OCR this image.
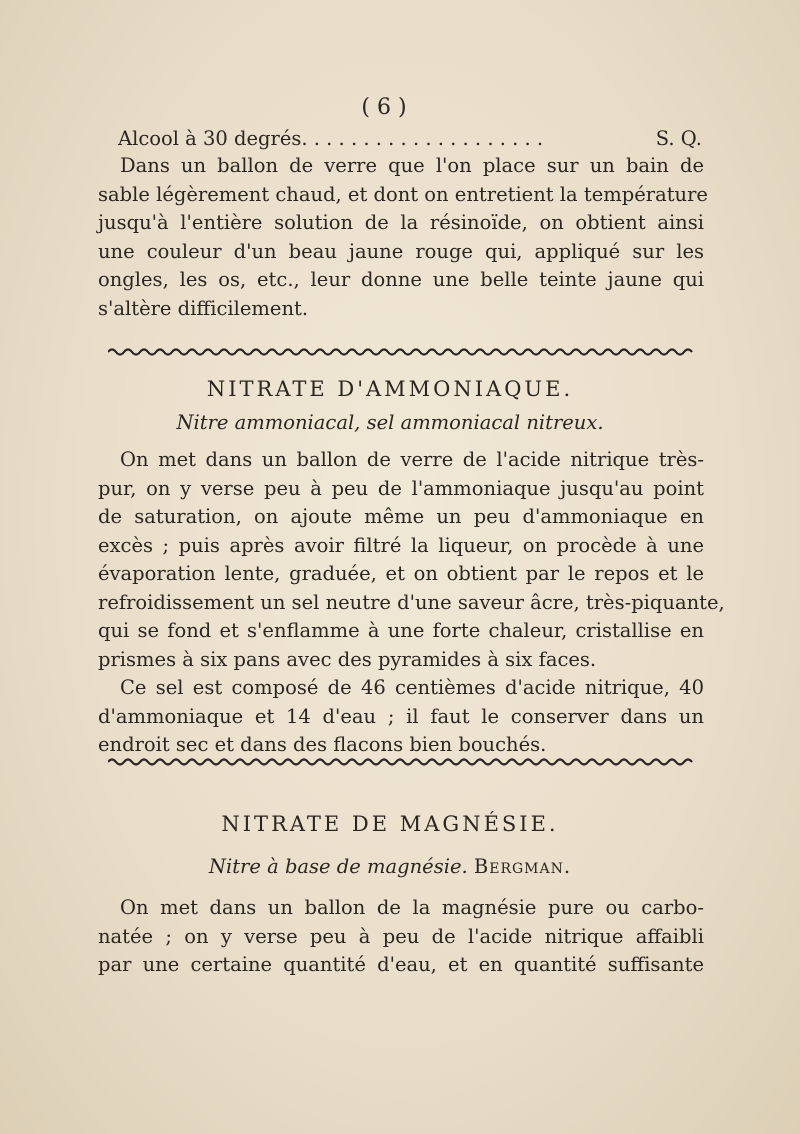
( 6 )
Alcool à 30 degrés. . . . . . . . . . . . . . . . . . . .	S. Q.
Dans un ballon de verre que l'on place sur un bain de
sable légèrement chaud, et dont on entretient la température
jusqu'à l'entière solution de la résinoïde, on obtient ainsi
une couleur d'un beau jaune rouge qui, appliqué sur les
ongles, les os, etc., leur donne une belle teinte jaune qui
s'altère difficilement.
NITRATE D'AMMONIAQUE.
Nitre ammoniacal, sel ammoniacal nitreux.
On met dans un ballon de verre de l'acide nitrique très-
pur, on y verse peu à peu de l'ammoniaque jusqu'au point
de saturation, on ajoute même un peu d'ammoniaque en
excès ; puis après avoir filtré la liqueur, on procède à une
évaporation lente, graduée, et on obtient par le repos et le
refroidissement un sel neutre d'une saveur âcre, très-piquante,
qui se fond et s'enflamme à une forte chaleur, cristallise en
prismes à six pans avec des pyramides à six faces.
Ce sel est composé de 46 centièmes d'acide nitrique, 40
d'ammoniaque et 14 d'eau ; il faut le conserver dans un
endroit sec et dans des flacons bien bouchés.
NITRATE DE MAGNÉSIE.
Nitre à base de magnésie. Bergman.
On met dans un ballon de la magnésie pure ou carbo-
natée ; on y verse peu à peu de l'acide nitrique affaibli
par une certaine quantité d'eau, et en quantité suffisante
